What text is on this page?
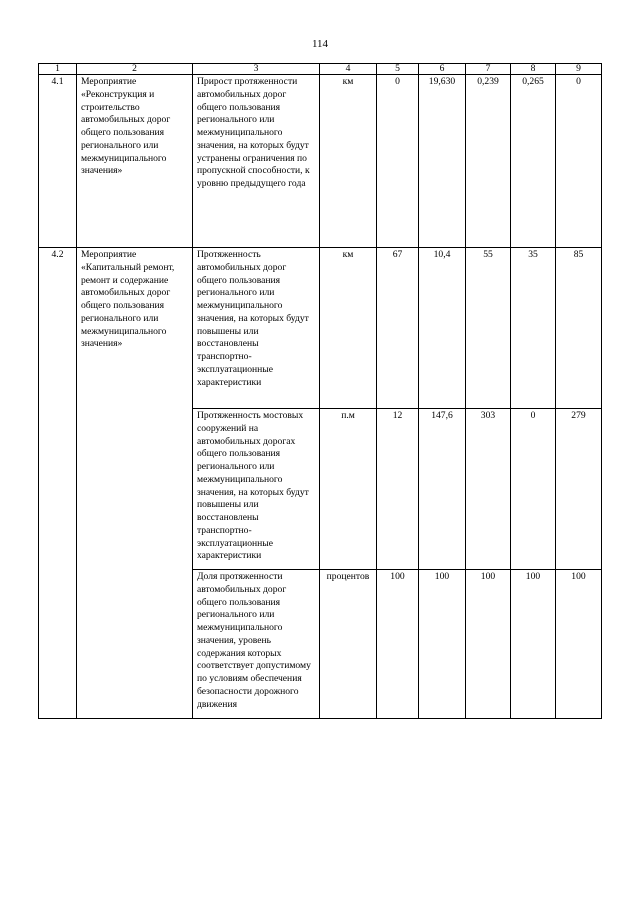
114
1	2	3	4	5	6	7	8	9
4.1	Мероприятие «Реконструкция и строительство автомобильных дорог общего пользования регионального или межмуниципального значения»	Прирост протяженности автомобильных дорог общего пользования регионального или межмуниципального значения, на которых будут устранены ограничения по пропускной способности, к уровню предыдущего года	км	0	19,630	0,239	0,265	0
4.2	Мероприятие «Капитальный ремонт, ремонт и содержание автомобильных дорог общего пользования регионального или межмуниципального значения»	Протяженность автомобильных дорог общего пользования регионального или межмуниципального значения, на которых будут повышены или восстановлены транспортно-эксплуатационные характеристики	км	67	10,4	55	35	85
		Протяженность мостовых сооружений на автомобильных дорогах общего пользования регионального или межмуниципального значения, на которых будут повышены или восстановлены транспортно-эксплуатационные характеристики	п.м	12	147,6	303	0	279
		Доля протяженности автомобильных дорог общего пользования регионального или межмуниципального значения, уровень содержания которых соответствует допустимому по условиям обеспечения безопасности дорожного движения	процентов	100	100	100	100	100
